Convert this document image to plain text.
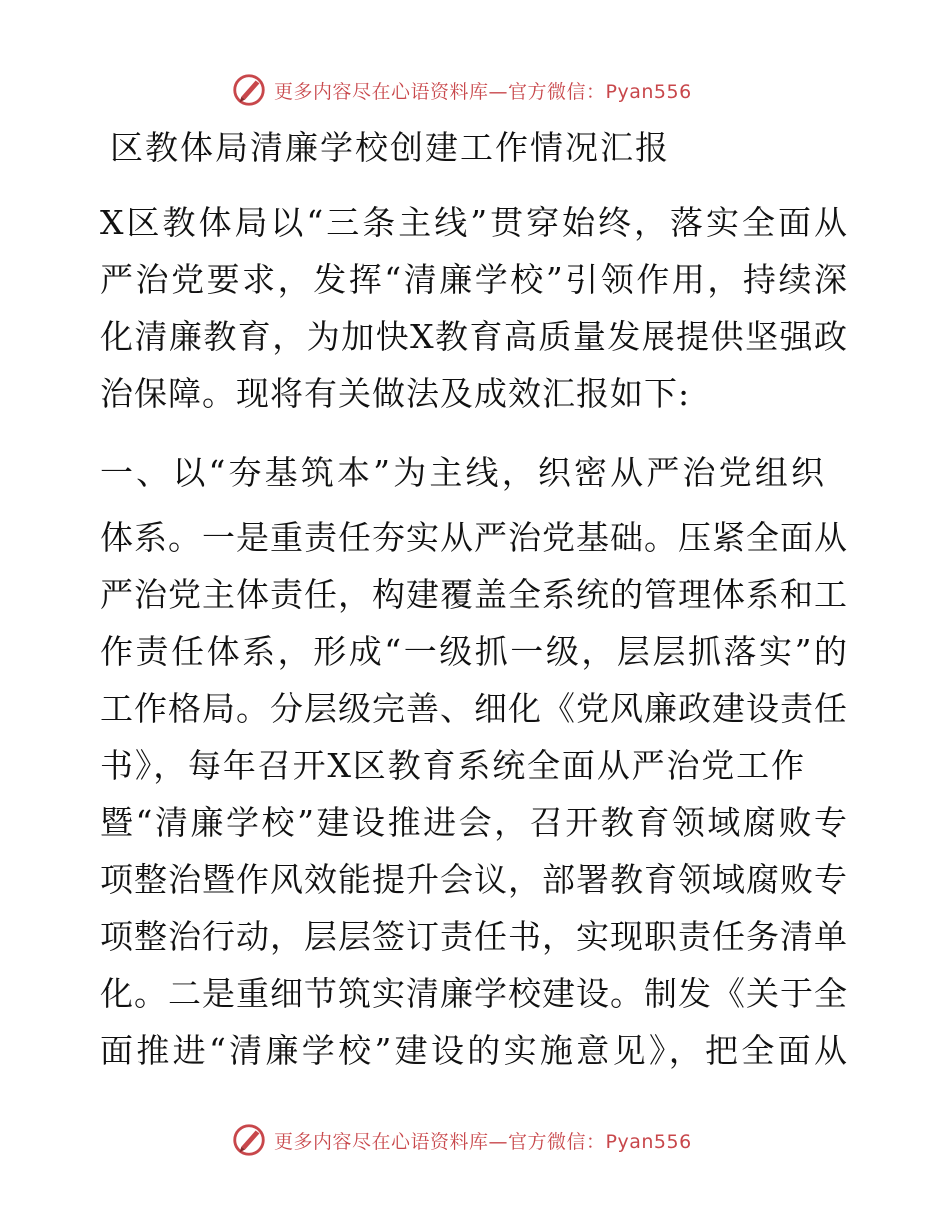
更多内容尽在心语资料库—官方微信：Pyan556
区教体局清廉学校创建工作情况汇报
X区教体局以“三条主线”贯穿始终，落实全面从
严治党要求，发挥“清廉学校”引领作用，持续深
化清廉教育，为加快X教育高质量发展提供坚强政
治保障。现将有关做法及成效汇报如下:
一、以“夯基筑本”为主线，织密从严治党组织
体系。一是重责任夯实从严治党基础。压紧全面从
严治党主体责任，构建覆盖全系统的管理体系和工
作责任体系，形成“一级抓一级，层层抓落实”的
工作格局。分层级完善、细化《党风廉政建设责任
书》，每年召开X区教育系统全面从严治党工作
暨“清廉学校”建设推进会，召开教育领域腐败专
项整治暨作风效能提升会议，部署教育领域腐败专
项整治行动，层层签订责任书，实现职责任务清单
化。二是重细节筑实清廉学校建设。制发《关于全
面推进“清廉学校”建设的实施意见》，把全面从
更多内容尽在心语资料库—官方微信：Pyan556
